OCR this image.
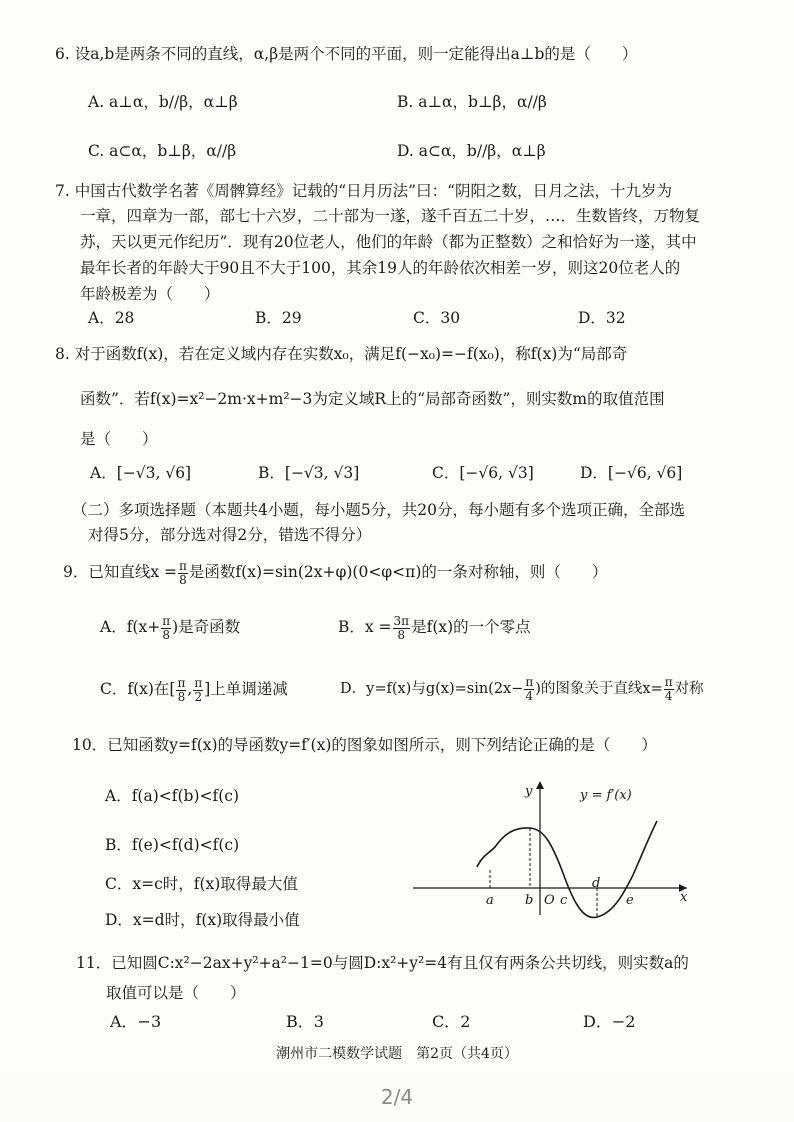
6. 设a,b是两条不同的直线，α,β是两个不同的平面，则一定能得出a⊥b的是（　　）
A. a⊥α，b//β，α⊥β	B. a⊥α，b⊥β，α//β
C. a⊂α，b⊥β，α//β	D. a⊂α，b//β，α⊥β
7. 中国古代数学名著《周髀算经》记载的“日月历法”曰：“阴阳之数，日月之法，十九岁为
一章，四章为一部，部七十六岁，二十部为一遂，遂千百五二十岁，…．生数皆终，万物复
苏，天以更元作纪历”．现有20位老人，他们的年龄（都为正整数）之和恰好为一遂，其中
最年长者的年龄大于90且不大于100，其余19人的年龄依次相差一岁，则这20位老人的
年龄极差为（　　）
A．28	B．29	C．30	D．32
8. 对于函数f(x)，若在定义域内存在实数x₀，满足f(−x₀)=−f(x₀)，称f(x)为“局部奇
函数”．若f(x)=x²−2m·x+m²−3为定义域R上的“局部奇函数”，则实数m的取值范围
是（　　）
A．[−√3, √6]	B．[−√3, √3]	C．[−√6, √3]	D．[−√6, √6]
（二）多项选择题（本题共4小题，每小题5分，共20分，每小题有多个选项正确，全部选
对得5分，部分选对得2分，错选不得分）
9．已知直线$x = \frac{\pi}{8}$ 是函数f(x)=sin(2x+φ)(0<φ<π)的一条对称轴，则（　　）
A．$f(x+ \frac{\pi}{8}$ )是奇函数	B．$x = \frac{3\pi}{8}$ 是f(x)的一个零点
C．f(x)在[ $\frac{\pi}{8}$ , $\frac{\pi}{2}$ ]上单调递减	D．y=f(x)与$g(x)=\sin(2x- \frac{\pi}{4}$ )的图象关于直线$x= \frac{\pi}{4}$ 对称
10．已知函数y=f(x)的导函数y=f′(x)的图象如图所示，则下列结论正确的是（　　）
A．f(a)<f(b)<f(c)
B．f(e)<f(d)<f(c)
C．x=c时，f(x)取得最大值
D．x=d时，f(x)取得最小值
y	y = f′(x)
x
a b O c
d
e
11．已知圆C:x²−2ax+y²+a²−1=0与圆D:x²+y²=4有且仅有两条公共切线，则实数a的
取值可以是（　　）
A．−3	B．3	C．2	D．−2
潮州市二模数学试题　第2页（共4页）
2/4
